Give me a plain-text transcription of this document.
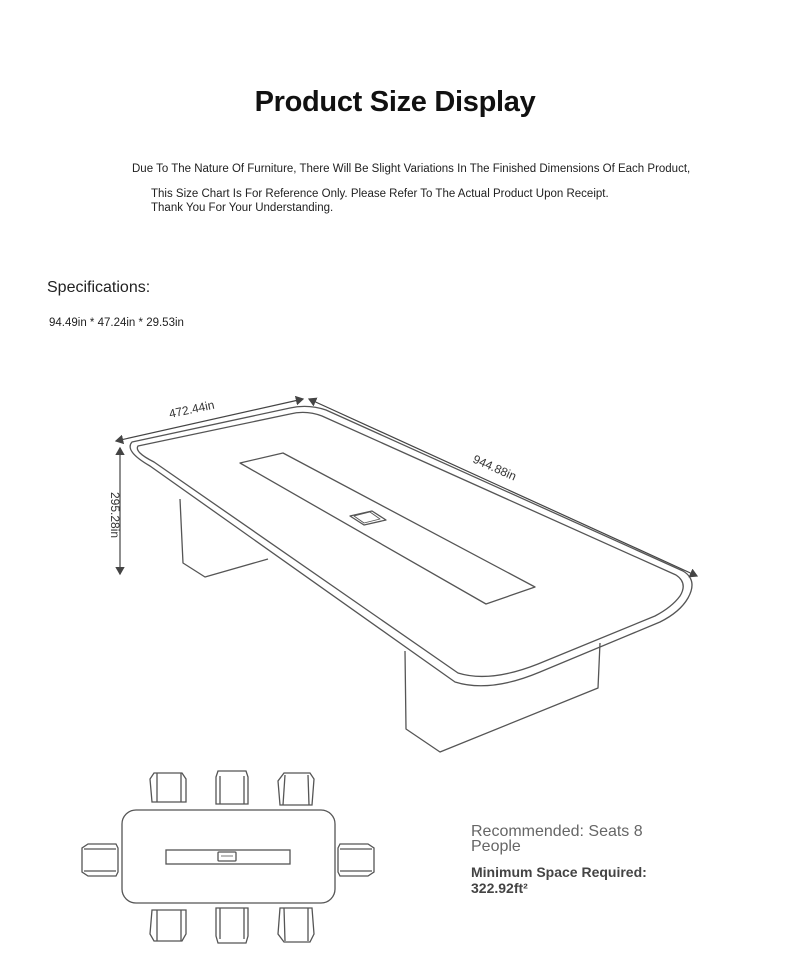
Product Size Display
Due To The Nature Of Furniture, There Will Be Slight Variations In The Finished Dimensions Of Each Product,
This Size Chart Is For Reference Only. Please Refer To The Actual Product Upon Receipt.
Thank You For Your Understanding.
Specifications:
94.49in * 47.24in * 29.53in
472.44in
944.88in
295.28in
Recommended: Seats 8 People
Minimum Space Required:
322.92ft²
